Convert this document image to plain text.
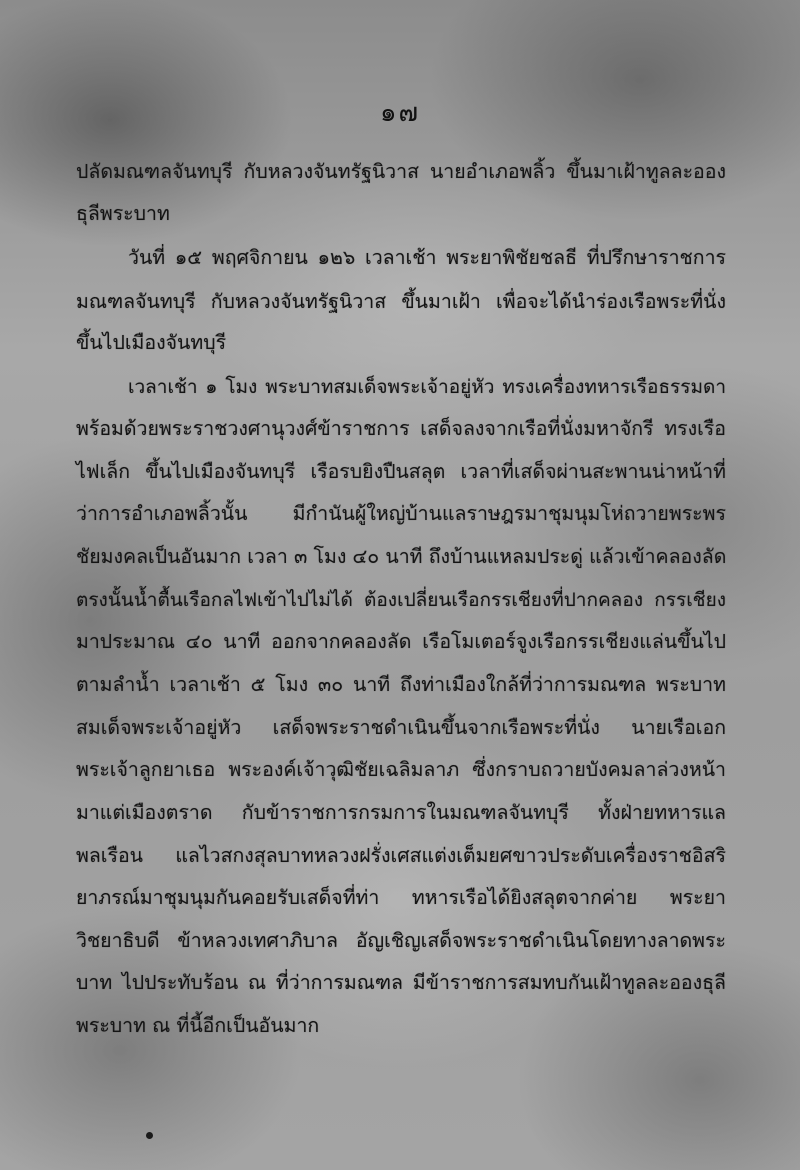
๑๗
ปลัดมณฑลจันทบุรี กับหลวงจันทรัฐนิวาส นายอำเภอพลิ้ว ขึ้นมาเฝ้าทูลละออง
ธุลีพระบาท
วันที่ ๑๕ พฤศจิกายน ๑๒๖ เวลาเช้า พระยาพิชัยชลธี ที่ปรึกษาราชการ
มณฑลจันทบุรี กับหลวงจันทรัฐนิวาส ขึ้นมาเฝ้า เพื่อจะได้นำร่องเรือพระที่นั่ง
ขึ้นไปเมืองจันทบุรี
เวลาเช้า ๑ โมง พระบาทสมเด็จพระเจ้าอยู่หัว ทรงเครื่องทหารเรือธรรมดา
พร้อมด้วยพระราชวงศานุวงศ์ข้าราชการ เสด็จลงจากเรือที่นั่งมหาจักรี ทรงเรือ
ไฟเล็ก ขึ้นไปเมืองจันทบุรี เรือรบยิงปืนสลุต เวลาที่เสด็จผ่านสะพานน่าหน้าที่
ว่าการอำเภอพลิ้วนั้น มีกำนันผู้ใหญ่บ้านแลราษฎรมาชุมนุมโห่ถวายพระพร
ชัยมงคลเป็นอันมาก เวลา ๓ โมง ๔๐ นาที ถึงบ้านแหลมประดู่ แล้วเข้าคลองลัด
ตรงนั้นน้ำตื้นเรือกลไฟเข้าไปไม่ได้ ต้องเปลี่ยนเรือกรรเชียงที่ปากคลอง กรรเชียง
มาประมาณ ๔๐ นาที ออกจากคลองลัด เรือโมเตอร์จูงเรือกรรเชียงแล่นขึ้นไป
ตามลำน้ำ เวลาเช้า ๕ โมง ๓๐ นาที ถึงท่าเมืองใกล้ที่ว่าการมณฑล พระบาท
สมเด็จพระเจ้าอยู่หัว เสด็จพระราชดำเนินขึ้นจากเรือพระที่นั่ง นายเรือเอก
พระเจ้าลูกยาเธอ พระองค์เจ้าวุฒิชัยเฉลิมลาภ ซึ่งกราบถวายบังคมลาล่วงหน้า
มาแต่เมืองตราด กับข้าราชการกรมการในมณฑลจันทบุรี ทั้งฝ่ายทหารแล
พลเรือน แลไวสกงสุลบาทหลวงฝรั่งเศสแต่งเต็มยศขาวประดับเครื่องราชอิสริ
ยาภรณ์มาชุมนุมกันคอยรับเสด็จที่ท่า ทหารเรือได้ยิงสลุตจากค่าย พระยา
วิชยาธิบดี ข้าหลวงเทศาภิบาล อัญเชิญเสด็จพระราชดำเนินโดยทางลาดพระ
บาท ไปประทับร้อน ณ ที่ว่าการมณฑล มีข้าราชการสมทบกันเฝ้าทูลละอองธุลี
พระบาท ณ ที่นี้อีกเป็นอันมาก
